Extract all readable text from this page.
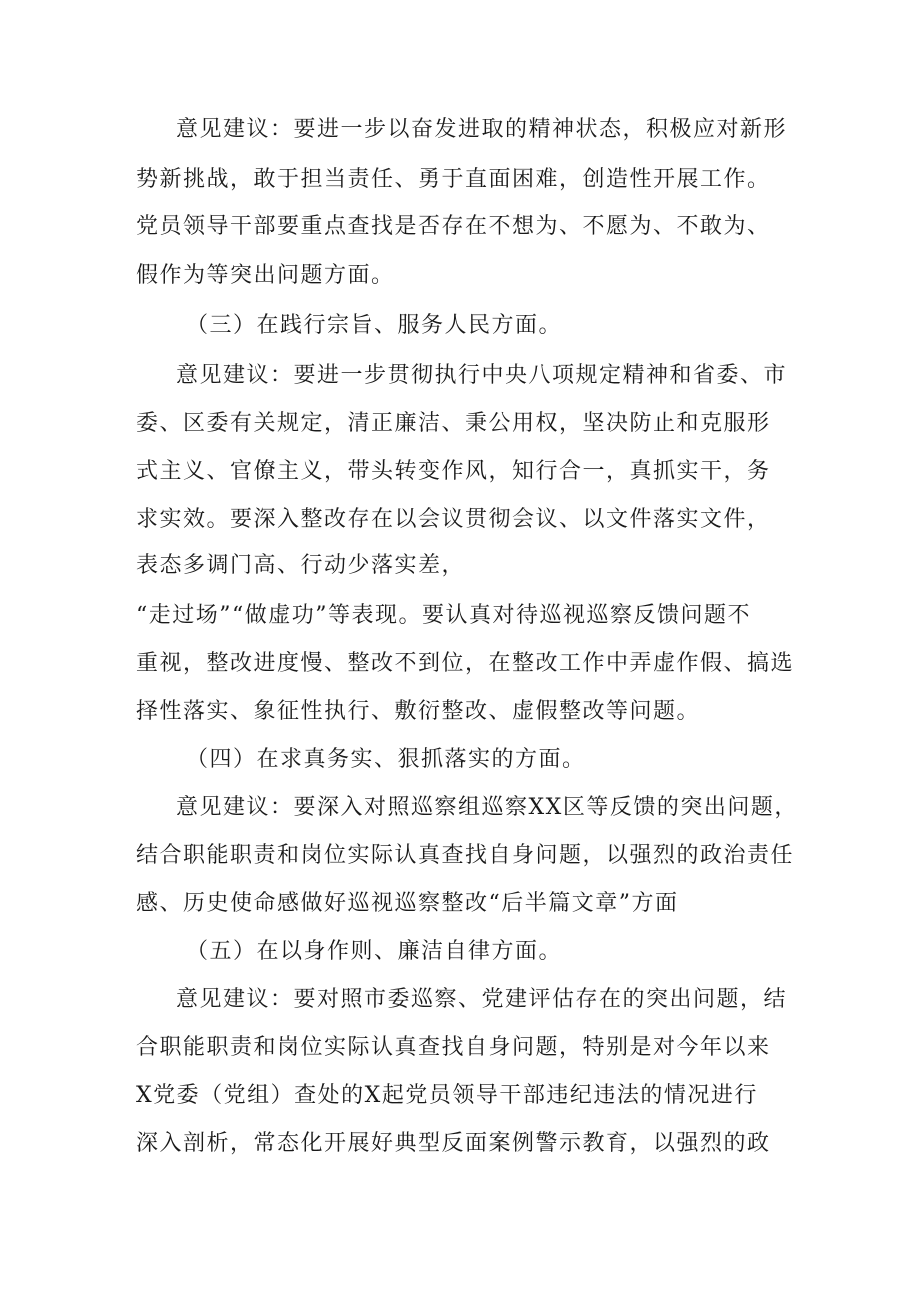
意见建议：要进一步以奋发进取的精神状态，积极应对新形
势新挑战，敢于担当责任、勇于直面困难，创造性开展工作。
党员领导干部要重点查找是否存在不想为、不愿为、不敢为、
假作为等突出问题方面。
（三）在践行宗旨、服务人民方面。
意见建议：要进一步贯彻执行中央八项规定精神和省委、市
委、区委有关规定，清正廉洁、秉公用权，坚决防止和克服形
式主义、官僚主义，带头转变作风，知行合一，真抓实干，务
求实效。要深入整改存在以会议贯彻会议、以文件落实文件，
表态多调门高、行动少落实差，
“走过场”“做虚功”等表现。要认真对待巡视巡察反馈问题不
重视，整改进度慢、整改不到位，在整改工作中弄虚作假、搞选
择性落实、象征性执行、敷衍整改、虚假整改等问题。
（四）在求真务实、狠抓落实的方面。
意见建议：要深入对照巡察组巡察XX区等反馈的突出问题，
结合职能职责和岗位实际认真查找自身问题，以强烈的政治责任
感、历史使命感做好巡视巡察整改“后半篇文章”方面
（五）在以身作则、廉洁自律方面。
意见建议：要对照市委巡察、党建评估存在的突出问题，结
合职能职责和岗位实际认真查找自身问题，特别是对今年以来
X党委（党组）查处的X起党员领导干部违纪违法的情况进行
深入剖析，常态化开展好典型反面案例警示教育，以强烈的政
